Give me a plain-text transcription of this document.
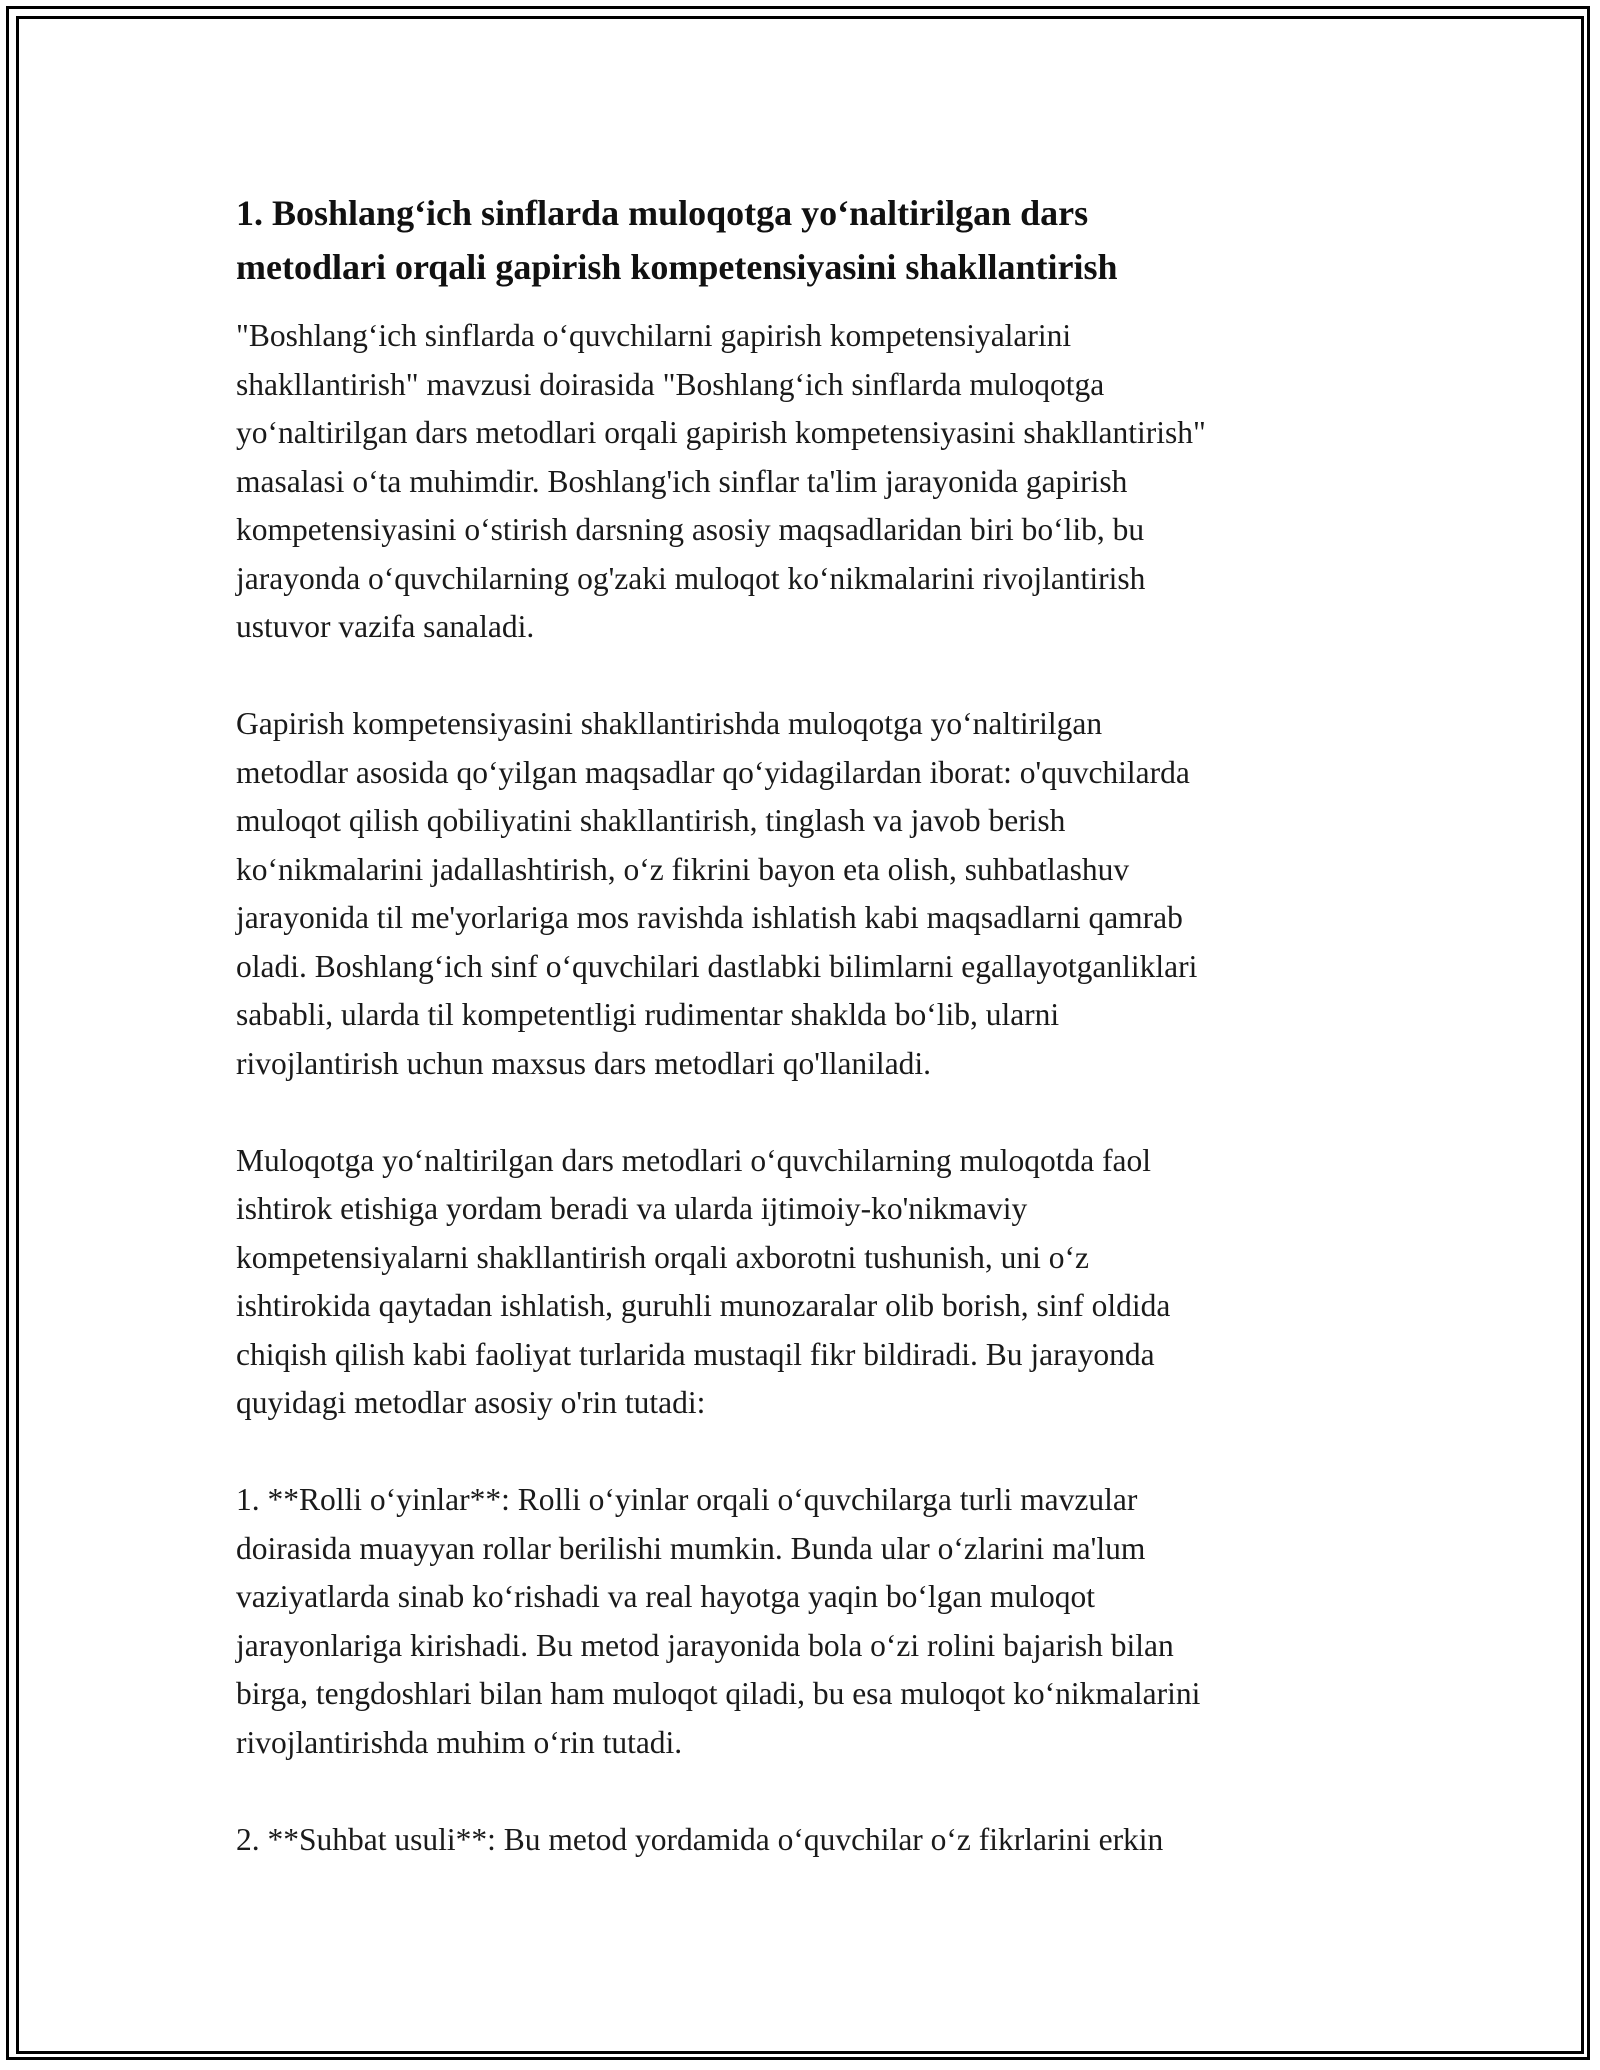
1. Boshlang‘ich sinflarda muloqotga yo‘naltirilgan dars
metodlari orqali gapirish kompetensiyasini shakllantirish

"Boshlang‘ich sinflarda o‘quvchilarni gapirish kompetensiyalarini
shakllantirish" mavzusi doirasida "Boshlang‘ich sinflarda muloqotga
yo‘naltirilgan dars metodlari orqali gapirish kompetensiyasini shakllantirish"
masalasi o‘ta muhimdir. Boshlang'ich sinflar ta'lim jarayonida gapirish
kompetensiyasini o‘stirish darsning asosiy maqsadlaridan biri bo‘lib, bu
jarayonda o‘quvchilarning og'zaki muloqot ko‘nikmalarini rivojlantirish
ustuvor vazifa sanaladi.

Gapirish kompetensiyasini shakllantirishda muloqotga yo‘naltirilgan
metodlar asosida qo‘yilgan maqsadlar qo‘yidagilardan iborat: o'quvchilarda
muloqot qilish qobiliyatini shakllantirish, tinglash va javob berish
ko‘nikmalarini jadallashtirish, o‘z fikrini bayon eta olish, suhbatlashuv
jarayonida til me'yorlariga mos ravishda ishlatish kabi maqsadlarni qamrab
oladi. Boshlang‘ich sinf o‘quvchilari dastlabki bilimlarni egallayotganliklari
sababli, ularda til kompetentligi rudimentar shaklda bo‘lib, ularni
rivojlantirish uchun maxsus dars metodlari qo'llaniladi.

Muloqotga yo‘naltirilgan dars metodlari o‘quvchilarning muloqotda faol
ishtirok etishiga yordam beradi va ularda ijtimoiy-ko'nikmaviy
kompetensiyalarni shakllantirish orqali axborotni tushunish, uni o‘z
ishtirokida qaytadan ishlatish, guruhli munozaralar olib borish, sinf oldida
chiqish qilish kabi faoliyat turlarida mustaqil fikr bildiradi. Bu jarayonda
quyidagi metodlar asosiy o'rin tutadi:

1. **Rolli o‘yinlar**: Rolli o‘yinlar orqali o‘quvchilarga turli mavzular
doirasida muayyan rollar berilishi mumkin. Bunda ular o‘zlarini ma'lum
vaziyatlarda sinab ko‘rishadi va real hayotga yaqin bo‘lgan muloqot
jarayonlariga kirishadi. Bu metod jarayonida bola o‘zi rolini bajarish bilan
birga, tengdoshlari bilan ham muloqot qiladi, bu esa muloqot ko‘nikmalarini
rivojlantirishda muhim o‘rin tutadi.

2. **Suhbat usuli**: Bu metod yordamida o‘quvchilar o‘z fikrlarini erkin
